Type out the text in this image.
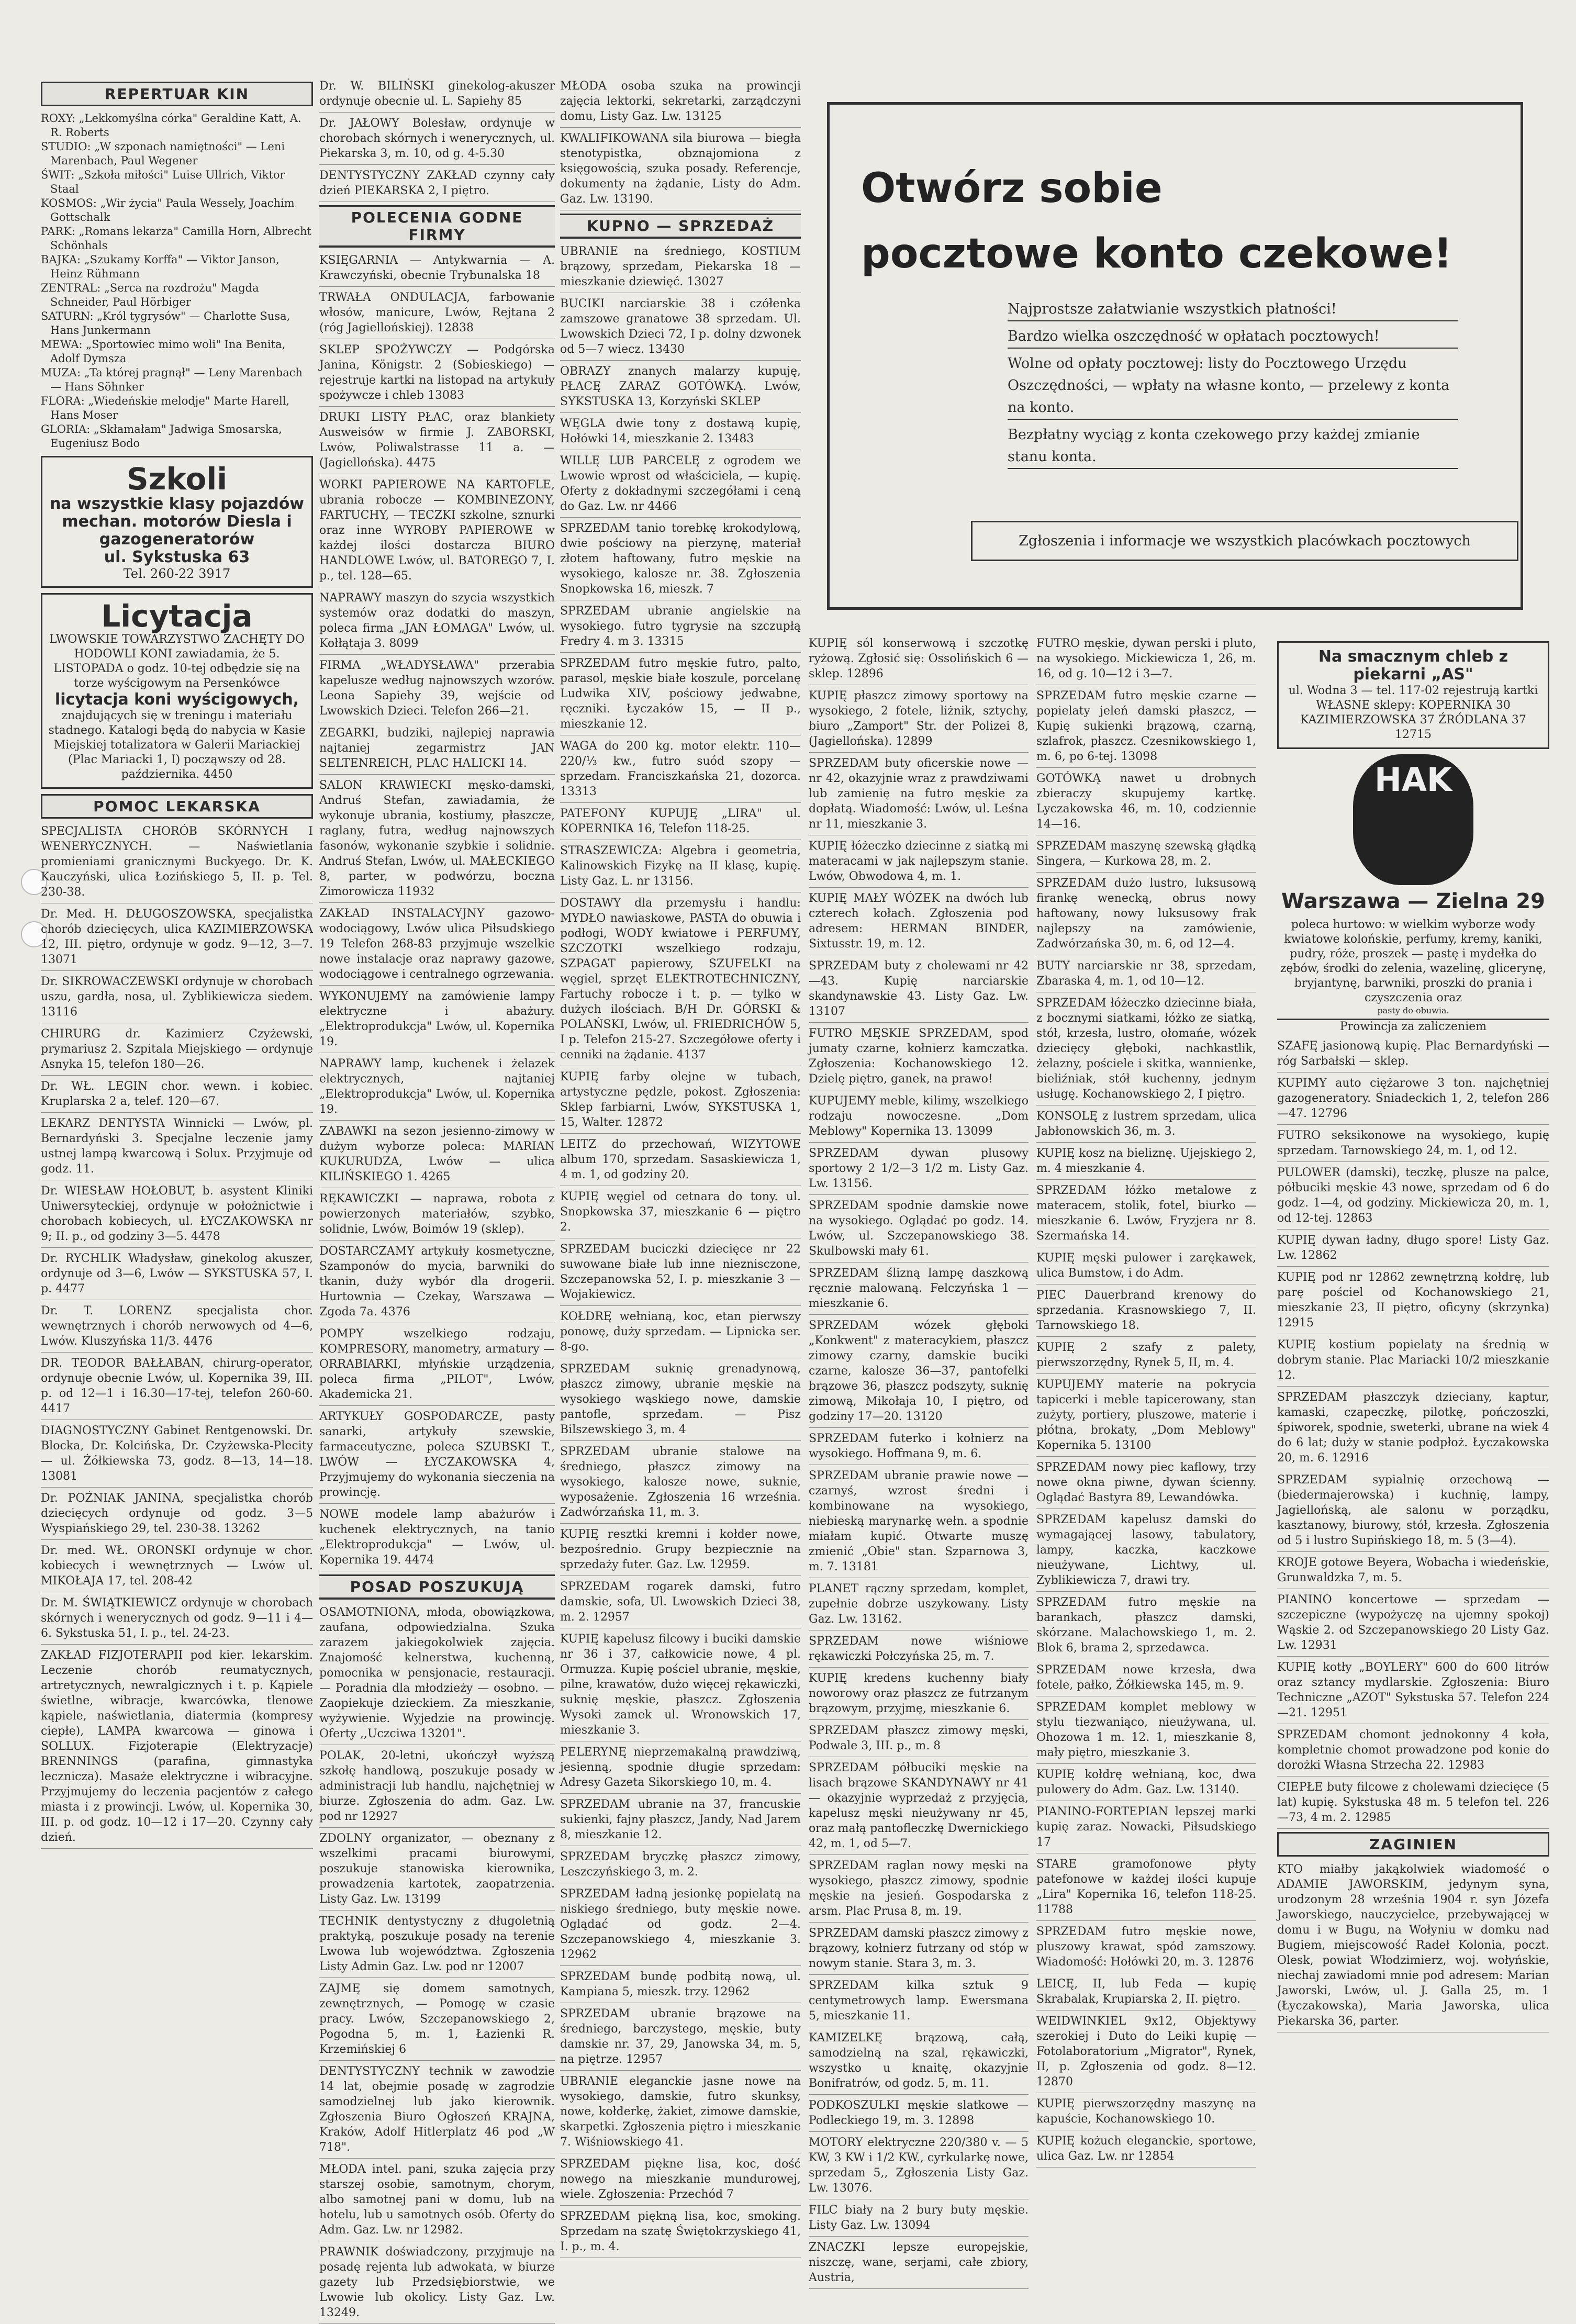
REPERTUAR KIN

ROXY: „Lekkomyślna córka" Geraldine Katt, A. R. Roberts

STUDIO: „W szponach namiętności" — Leni Marenbach, Paul Wegener

ŚWIT: „Szkoła miłości" Luise Ullrich, Viktor Staal

KOSMOS: „Wir życia" Paula Wessely, Joachim Gottschalk

PARK: „Romans lekarza" Camilla Horn, Albrecht Schönhals

BAJKA: „Szukamy Korffa" — Viktor Janson, Heinz Rühmann

ZENTRAL: „Serca na rozdrożu" Magda Schneider, Paul Hörbiger

SATURN: „Król tygrysów" — Charlotte Susa, Hans Junkermann

MEWA: „Sportowiec mimo woli" Ina Benita, Adolf Dymsza

MUZA: „Ta której pragnął" — Leny Marenbach — Hans Söhnker

FLORA: „Wiedeńskie melodje" Marte Harell, Hans Moser

GLORIA: „Skłamałam" Jadwiga Smosarska, Eugeniusz Bodo

Szkoli
na wszystkie klasy pojazdów mechan. motorów Diesla i gazogeneratorów
ul. Sykstuska 63
Tel. 260-22 3917
Licytacja
LWOWSKIE TOWARZYSTWO ZACHĘTY DO HODOWLI KONI zawiadamia, że 5. LISTOPADA o godz. 10-tej odbędzie się na torze wyścigowym na Persenkówce
licytacja koni wyścigowych,
znajdujących się w treningu i materiału stadnego. Katalogi będą do nabycia w Kasie Miejskiej totalizatora w Galerii Mariackiej (Plac Mariacki 1, I) począwszy od 28. października. 4450
POMOC LEKARSKA

SPECJALISTA CHORÓB SKÓRNYCH I WENERYCZNYCH. — Naświetlania promieniami granicznymi Buckyego. Dr. K. Kauczyński, ulica Łozińskiego 5, II. p. Tel. 230-38.

Dr. Med. H. DŁUGOSZOWSKA, specjalistka chorób dziecięcych, ulica KAZIMIERZOWSKA 12, III. piętro, ordynuje w godz. 9—12, 3—7. 13071

Dr. SIKROWACZEWSKI ordynuje w chorobach uszu, gardła, nosa, ul. Zyblikiewicza siedem. 13116

CHIRURG dr. Kazimierz Czyżewski, prymariusz 2. Szpitala Miejskiego — ordynuje Asnyka 15, telefon 180—26.

Dr. WŁ. LEGIN chor. wewn. i kobiec. Kruplarska 2 a, telef. 120—67.

LEKARZ DENTYSTA Winnicki — Lwów, pl. Bernardyński 3. Specjalne leczenie jamy ustnej lampą kwarcową i Solux. Przyjmuje od godz. 11.

Dr. WIESŁAW HOŁOBUT, b. asystent Kliniki Uniwersyteckiej, ordynuje w położnictwie i chorobach kobiecych, ul. ŁYCZAKOWSKA nr 9; II. p., od godziny 3—5. 4478

Dr. RYCHLIK Władysław, ginekolog akuszer, ordynuje od 3—6, Lwów — SYKSTUSKA 57, I. p. 4477

Dr. T. LORENZ specjalista chor. wewnętrznych i chorób nerwowych od 4—6, Lwów. Kluszyńska 11/3. 4476

DR. TEODOR BAŁŁABAN, chirurg-operator, ordynuje obecnie Lwów, ul. Kopernika 39, III. p. od 12—1 i 16.30—17-tej, telefon 260-60. 4417

DIAGNOSTYCZNY Gabinet Rentgenowski. Dr. Blocka, Dr. Kolcińska, Dr. Czyżewska-Plecity — ul. Żółkiewska 73, godz. 8—13, 14—18. 13081

Dr. POŹNIAK JANINA, specjalistka chorób dziecięcych ordynuje od godz. 3—5 Wyspiańskiego 29, tel. 230-38. 13262

Dr. med. WŁ. ORONSKI ordynuje w chor. kobiecych i wewnętrznych — Lwów ul. MIKOŁAJA 17, tel. 208-42

Dr. M. ŚWIĄTKIEWICZ ordynuje w chorobach skórnych i wenerycznych od godz. 9—11 i 4—6. Sykstuska 51, I. p., tel. 24-23.

ZAKŁAD FIZJOTERAPII pod kier. lekarskim. Leczenie chorób reumatycznych, artretycznych, newralgicznych i t. p. Kąpiele świetlne, wibracje, kwarcówka, tlenowe kąpiele, naświetlania, diatermia (kompresy ciepłe), LAMPA kwarcowa — ginowa i SOLLUX. Fizjoterapie (Elektryzacje) BRENNINGS (parafina, gimnastyka lecznicza). Masaże elektryczne i wibracyjne. Przyjmujemy do leczenia pacjentów z całego miasta i z prowincji. Lwów, ul. Kopernika 30, III. p. od godz. 10—12 i 17—20. Czynny cały dzień.

Dr. W. BILIŃSKI ginekolog-akuszer ordynuje obecnie ul. L. Sapiehy 85

Dr. JAŁOWY Bolesław, ordynuje w chorobach skórnych i wenerycznych, ul. Piekarska 3, m. 10, od g. 4-5.30

DENTYSTYCZNY ZAKŁAD czynny cały dzień PIEKARSKA 2, I piętro.

POLECENIA GODNE FIRMY

KSIĘGARNIA — Antykwarnia — A. Krawczyński, obecnie Trybunalska 18

TRWAŁA ONDULACJA, farbowanie włosów, manicure, Lwów, Rejtana 2 (róg Jagiellońskiej). 12838

SKLEP SPOŻYWCZY — Podgórska Janina, Königstr. 2 (Sobieskiego) — rejestruje kartki na listopad na artykuły spożywcze i chleb 13083

DRUKI LISTY PŁAC, oraz blankiety Ausweisów w firmie J. ZABORSKI, Lwów, Poliwalstrasse 11 a. — (Jagiellońska). 4475

WORKI PAPIEROWE NA KARTOFLE, ubrania robocze — KOMBINEZONY, FARTUCHY, — TECZKI szkolne, sznurki oraz inne WYROBY PAPIEROWE w każdej ilości dostarcza BIURO HANDLOWE Lwów, ul. BATOREGO 7, I. p., tel. 128—65.

NAPRAWY maszyn do szycia wszystkich systemów oraz dodatki do maszyn, poleca firma „JAN ŁOMAGA" Lwów, ul. Kołłątaja 3. 8099

FIRMA „WŁADYSŁAWA" przerabia kapelusze według najnowszych wzorów. Leona Sapiehy 39, wejście od Lwowskich Dzieci. Telefon 266—21.

ZEGARKI, budziki, najlepiej naprawia najtaniej zegarmistrz JAN SELTENREICH, PLAC HALICKI 14.

SALON KRAWIECKI męsko-damski, Andruś Stefan, zawiadamia, że wykonuje ubrania, kostiumy, płaszcze, raglany, futra, według najnowszych fasonów, wykonanie szybkie i solidnie. Andruś Stefan, Lwów, ul. MAŁECKIEGO 8, parter, w podwórzu, boczna Zimorowicza 11932

ZAKŁAD INSTALACYJNY gazowo-wodociągowy, Lwów ulica Piłsudskiego 19 Telefon 268-83 przyjmuje wszelkie nowe instalacje oraz naprawy gazowe, wodociągowe i centralnego ogrzewania.

WYKONUJEMY na zamówienie lampy elektryczne i abażury. „Elektroprodukcja" Lwów, ul. Kopernika 19.

NAPRAWY lamp, kuchenek i żelazek elektrycznych, najtaniej „Elektroprodukcja" Lwów, ul. Kopernika 19.

ZABAWKI na sezon jesienno-zimowy w dużym wyborze poleca: MARIAN KUKURUDZA, Lwów — ulica KILIŃSKIEGO 1. 4265

RĘKAWICZKI — naprawa, robota z powierzonych materiałów, szybko, solidnie, Lwów, Boimów 19 (sklep).

DOSTARCZAMY artykuły kosmetyczne, Szamponów do mycia, barwniki do tkanin, duży wybór dla drogerii. Hurtownia — Czekay, Warszawa — Zgoda 7a. 4376

POMPY wszelkiego rodzaju, KOMPRESORY, manometry, armatury — ORRABIARKI, młyńskie urządzenia, poleca firma „PILOT", Lwów, Akademicka 21.

ARTYKUŁY GOSPODARCZE, pasty sanarki, artykuły szewskie, farmaceutyczne, poleca SZUBSKI T., LWÓW — ŁYCZAKOWSKA 4, Przyjmujemy do wykonania sieczenia na prowincję.

NOWE modele lamp abażurów i kuchenek elektrycznych, na tanio „Elektroprodukcja" — Lwów, ul. Kopernika 19. 4474

POSAD POSZUKUJĄ

OSAMOTNIONA, młoda, obowiązkowa, zaufana, odpowiedzialna. Szuka zarazem jakiegokolwiek zajęcia. Znajomość kelnerstwa, kuchenną, pomocnika w pensjonacie, restauracji. — Poradnia dla młodzieży — osobno. — Zaopiekuje dzieckiem. Za mieszkanie, wyżywienie. Wyjedzie na prowincję. Oferty ,,Uczciwa 13201".

POLAK, 20-letni, ukończył wyższą szkołę handlową, poszukuje posady w administracji lub handlu, najchętniej w biurze. Zgłoszenia do adm. Gaz. Lw. pod nr 12927

ZDOLNY organizator, — obeznany z wszelkimi pracami biurowymi, poszukuje stanowiska kierownika, prowadzenia kartotek, zaopatrzenia. Listy Gaz. Lw. 13199

TECHNIK dentystyczny z długoletnią praktyką, poszukuje posady na terenie Lwowa lub województwa. Zgłoszenia Listy Admin Gaz. Lw. pod nr 12007

ZAJMĘ się domem samotnych, zewnętrznych, — Pomogę w czasie pracy. Lwów, Szczepanowskiego 2, Pogodna 5, m. 1, Łazienki R. Krzemińskiej 6

DENTYSTYCZNY technik w zawodzie 14 lat, obejmie posadę w zagrodzie samodzielnej lub jako kierownik. Zgłoszenia Biuro Ogłoszeń KRAJNA, Kraków, Adolf Hitlerplatz 46 pod „W 718".

MŁODA intel. pani, szuka zajęcia przy starszej osobie, samotnym, chorym, albo samotnej pani w domu, lub na hotelu, lub u samotnych osób. Oferty do Adm. Gaz. Lw. nr 12982.

PRAWNIK doświadczony, przyjmuje na posadę rejenta lub adwokata, w biurze gazety lub Przedsiębiorstwie, we Lwowie lub okolicy. Listy Gaz. Lw. 13249.

MŁODA osoba szuka na prowincji zajęcia lektorki, sekretarki, zarządczyni domu, Listy Gaz. Lw. 13125

KWALIFIKOWANA sila biurowa — biegła stenotypistka, obznajomiona z księgowością, szuka posady. Referencje, dokumenty na żądanie, Listy do Adm. Gaz. Lw. 13190.

KUPNO — SPRZEDAŻ

UBRANIE na średniego, KOSTIUM brązowy, sprzedam, Piekarska 18 — mieszkanie dziewięć. 13027

BUCIKI narciarskie 38 i czółenka zamszowe granatowe 38 sprzedam. Ul. Lwowskich Dzieci 72, I p. dolny dzwonek od 5—7 wiecz. 13430

OBRAZY znanych malarzy kupuję, PŁACĘ ZARAZ GOTÓWKĄ. Lwów, SYKSTUSKA 13, Korzyński SKLEP

WĘGLA dwie tony z dostawą kupię, Hołówki 14, mieszkanie 2. 13483

WILLĘ LUB PARCELĘ z ogrodem we Lwowie wprost od właściciela, — kupię. Oferty z dokładnymi szczegółami i ceną do Gaz. Lw. nr 4466

SPRZEDAM tanio torebkę krokodylową, dwie pościowy na pierzynę, materiał złotem haftowany, futro męskie na wysokiego, kalosze nr. 38. Zgłoszenia Snopkowska 16, mieszk. 7

SPRZEDAM ubranie angielskie na wysokiego. futro tygrysie na szczupłą Fredry 4. m 3. 13315

SPRZEDAM futro męskie futro, palto, parasol, męskie białe koszule, porcelanę Ludwika XIV, pościowy jedwabne, ręczniki. Łyczaków 15, — II p., mieszkanie 12.

WAGA do 200 kg. motor elektr. 110—220/⅓ kw., futro suód szopy — sprzedam. Franciszkańska 21, dozorca. 13313

PATEFONY KUPUJĘ „LIRA" ul. KOPERNIKA 16, Telefon 118-25.

STRASZEWICZA: Algebra i geometria, Kalinowskich Fizykę na II klasę, kupię. Listy Gaz. L. nr 13156.

DOSTAWY dla przemysłu i handlu: MYDŁO nawiaskowe, PASTA do obuwia i podłogi, WODY kwiatowe i PERFUMY, SZCZOTKI wszelkiego rodzaju, SZPAGAT papierowy, SZUFELKI na węgiel, sprzęt ELEKTROTECHNICZNY, Fartuchy robocze i t. p. — tylko w dużych ilościach. B/H Dr. GÓRSKI & POLAŃSKI, Lwów, ul. FRIEDRICHÓW 5, I p. Telefon 215-27. Szczegółowe oferty i cenniki na żądanie. 4137

KUPIĘ farby olejne w tubach, artystyczne pędzle, pokost. Zgłoszenia: Sklep farbiarni, Lwów, SYKSTUSKA 1, 15, Walter. 12872

LEITZ do przechowań, WIZYTOWE album 170, sprzedam. Sasaskiewicza 1, 4 m. 1, od godziny 20.

KUPIĘ węgiel od cetnara do tony. ul. Snopkowska 37, mieszkanie 6 — piętro 2.

SPRZEDAM buciczki dziecięce nr 22 suwowane białe lub inne nieznisczone, Szczepanowska 52, I. p. mieszkanie 3 — Wojakiewicz.

KOŁDRĘ wełnianą, koc, etan pierwszy ponowę, duży sprzedam. — Lipnicka ser. 8-go.

SPRZEDAM suknię grenadynową, płaszcz zimowy, ubranie męskie na wysokiego wąskiego nowe, damskie pantofle, sprzedam. — Pisz Bilszewskiego 3, m. 4

SPRZEDAM ubranie stalowe na średniego, płaszcz zimowy na wysokiego, kalosze nowe, suknie, wyposażenie. Zgłoszenia 16 września. Zadwórzańska 11, m. 3.

KUPIĘ resztki kremni i kołder nowe, bezpośrednio. Grupy bezpiecznie na sprzedaży futer. Gaz. Lw. 12959.

SPRZEDAM rogarek damski, futro damskie, sofa, Ul. Lwowskich Dzieci 38, m. 2. 12957

KUPIĘ kapelusz filcowy i buciki damskie nr 36 i 37, całkowicie nowe, 4 pl. Ormuzza. Kupię pościel ubranie, męskie, pilne, krawatów, dużo więcej rękawiczki, suknię męskie, płaszcz. Zgłoszenia Wysoki zamek ul. Wronowskich 17, mieszkanie 3.

PELERYNĘ nieprzemakalną prawdziwą, jesienną, spodnie długie sprzedam: Adresy Gazeta Sikorskiego 10, m. 4.

SPRZEDAM ubranie na 37, francuskie sukienki, fajny płaszcz, Jandy, Nad Jarem 8, mieszkanie 12.

SPRZEDAM bryczkę płaszcz zimowy, Leszczyńskiego 3, m. 2.

SPRZEDAM ładną jesionkę popielatą na niskiego średniego, buty męskie nowe. Oglądać od godz. 2—4. Szczepanowskiego 4, mieszkanie 3. 12962

SPRZEDAM bundę podbitą nową, ul. Kampiana 5, mieszk. trzy. 12962

SPRZEDAM ubranie brązowe na średniego, barczystego, męskie, buty damskie nr. 37, 29, Janowska 34, m. 5, na piętrze. 12957

UBRANIE eleganckie jasne nowe na wysokiego, damskie, futro skunksy, nowe, kołderkę, żakiet, zimowe damskie, skarpetki. Zgłoszenia piętro i mieszkanie 7. Wiśniowskiego 41.

SPRZEDAM piękne lisa, koc, dość nowego na mieszkanie mundurowej, wiele. Zgłoszenia: Przechód 7

SPRZEDAM piękną lisa, koc, smoking. Sprzedam na szatę Świętokrzyskiego 41, I. p., m. 4.

Otwórz sobie
pocztowe konto czekowe!

Najprostsze załatwianie wszystkich płatności!

Bardzo wielka oszczędność w opłatach pocztowych!

Wolne od opłaty pocztowej: listy do Pocztowego Urzędu Oszczędności, — wpłaty na własne konto, — przelewy z konta na konto.

Bezpłatny wyciąg z konta czekowego przy każdej zmianie stanu konta.

Zgłoszenia i informacje we wszystkich placówkach pocztowych

KUPIĘ sól konserwową i szczotkę ryżową. Zgłosić się: Ossolińskich 6 — sklep. 12896

KUPIĘ płaszcz zimowy sportowy na wysokiego, 2 fotele, liżnik, sztychy, biuro „Zamport" Str. der Polizei 8, (Jagiellońska). 12899

SPRZEDAM buty oficerskie nowe — nr 42, okazyjnie wraz z prawdziwami lub zamienię na futro męskie za dopłatą. Wiadomość: Lwów, ul. Leśna nr 11, mieszkanie 3.

KUPIĘ łóżeczko dziecinne z siatką mi materacami w jak najlepszym stanie. Lwów, Obwodowa 4, m. 1.

KUPIĘ MAŁY WÓZEK na dwóch lub czterech kołach. Zgłoszenia pod adresem: HERMAN BINDER, Sixtusstr. 19, m. 12.

SPRZEDAM buty z cholewami nr 42—43. Kupię narciarskie skandynawskie 43. Listy Gaz. Lw. 13107

FUTRO MĘSKIE SPRZEDAM, spod jumaty czarne, kołnierz kamczatka. Zgłoszenia: Kochanowskiego 12. Dzielę piętro, ganek, na prawo!

KUPUJEMY meble, kilimy, wszelkiego rodzaju nowoczesne. „Dom Meblowy" Kopernika 13. 13099

SPRZEDAM dywan plusowy sportowy 2 1/2—3 1/2 m. Listy Gaz. Lw. 13156.

SPRZEDAM spodnie damskie nowe na wysokiego. Oglądać po godz. 14. Lwów, ul. Szczepanowskiego 38. Skulbowski mały 61.

SPRZEDAM ślizną lampę daszkową ręcznie malowaną. Felczyńska 1 — mieszkanie 6.

SPRZEDAM wózek głęboki „Konkwent" z materacykiem, płaszcz zimowy czarny, damskie buciki czarne, kalosze 36—37, pantofelki brązowe 36, płaszcz podszyty, suknię zimową, Mikołaja 10, I piętro, od godziny 17—20. 13120

SPRZEDAM futerko i kołnierz na wysokiego. Hoffmana 9, m. 6.

SPRZEDAM ubranie prawie nowe — czarnyś, wzrost średni i kombinowane na wysokiego, niebieską marynarkę wełn. a spodnie miałam kupić. Otwarte muszę zmienić „Obie" stan. Szparnowa 3, m. 7. 13181

PLANET rączny sprzedam, komplet, zupełnie dobrze uszykowany. Listy Gaz. Lw. 13162.

SPRZEDAM nowe wiśniowe rękawiczki Połczyńska 25, m. 7.

KUPIĘ kredens kuchenny biały noworowy oraz płaszcz ze futrzanym brązowym, przyjmę, mieszkanie 6.

SPRZEDAM płaszcz zimowy męski, Podwale 3, III. p., m. 8

SPRZEDAM półbuciki męskie na lisach brązowe SKANDYNAWY nr 41 — okazyjnie wyprzedaż z przyjęcia, kapelusz męski nieużywany nr 45, oraz małą pantofleczkę Dwernickiego 42, m. 1, od 5—7.

SPRZEDAM raglan nowy męski na wysokiego, płaszcz zimowy, spodnie męskie na jesień. Gospodarska z arsm. Plac Prusa 8, m. 19.

SPRZEDAM damski płaszcz zimowy z brązowy, kołnierz futrzany od stóp w nowym stanie. Stara 3, m. 3.

SPRZEDAM kilka sztuk 9 centymetrowych lamp. Ewersmana 5, mieszkanie 11.

KAMIZELKĘ brązową, całą, samodzielną na szal, rękawiczki, wszystko u knaitę, okazyjnie Bonifratrów, od godz. 5, m. 11.

PODKOSZULKI męskie slatkowe — Podleckiego 19, m. 3. 12898

MOTORY elektryczne 220/380 v. — 5 KW, 3 KW i 1/2 KW., cyrkularkę nowe, sprzedam 5,, Zgłoszenia Listy Gaz. Lw. 13076.

FILC biały na 2 bury buty męskie. Listy Gaz. Lw. 13094

ZNACZKI lepsze europejskie, niszczę, wane, serjami, całe zbiory, Austria,

FUTRO męskie, dywan perski i pluto, na wysokiego. Mickiewicza 1, 26, m. 16, od g. 10—12 i 3—7.

SPRZEDAM futro męskie czarne — popielaty jeleń damski płaszcz, — Kupię sukienki brązową, czarną, szlafrok, płaszcz. Czesnikowskiego 1, m. 6, po 6-tej. 13098

GOTÓWKĄ nawet u drobnych zbieraczy skupujemy kartkę. Lyczakowska 46, m. 10, codziennie 14—16.

SPRZEDAM maszynę szewską głądką Singera, — Kurkowa 28, m. 2.

SPRZEDAM dużo lustro, luksusową firankę wenecką, obrus nowy haftowany, nowy luksusowy frak najlepszy na zamówienie, Zadwórzańska 30, m. 6, od 12—4.

BUTY narciarskie nr 38, sprzedam, Zbaraska 4, m. 1, od 10—12.

SPRZEDAM łóżeczko dziecinne biała, z bocznymi siatkami, łóżko ze siatką, stół, krzesła, lustro, ołomańe, wózek dziecięcy głęboki, nachkastlik, żelazny, pościele i skitka, wannienke, bieliźniak, stół kuchenny, jednym usługę. Kochanowskiego 2, I piętro.

KONSOLĘ z lustrem sprzedam, ulica Jabłonowskich 36, m. 3.

KUPIĘ kosz na bieliznę. Ujejskiego 2, m. 4 mieszkanie 4.

SPRZEDAM łóżko metalowe z materacem, stolik, fotel, biurko — mieszkanie 6. Lwów, Fryzjera nr 8. Szermańska 14.

KUPIĘ męski pulower i zarękawek, ulica Bumstow, i do Adm.

PIEC Dauerbrand krenowy do sprzedania. Krasnowskiego 7, II. Tarnowskiego 18.

KUPIĘ 2 szafy z palety, pierwszorzędny, Rynek 5, II, m. 4.

KUPUJEMY materie na pokrycia tapicerki i meble tapicerowany, stan zużyty, portiery, pluszowe, materie i płótna, brokaty, „Dom Meblowy" Kopernika 5. 13100

SPRZEDAM nowy piec kaflowy, trzy nowe okna piwne, dywan ścienny. Oglądać Bastyra 89, Lewandówka.

SPRZEDAM kapelusz damski do wymagającej lasowy, tabulatory, lampy, kaczka, kaczkowe nieużywane, Lichtwy, ul. Zyblikiewicza 7, drawi try.

SPRZEDAM futro męskie na barankach, płaszcz damski, skórzane. Malachowskiego 1, m. 2. Blok 6, brama 2, sprzedawca.

SPRZEDAM nowe krzesła, dwa fotele, pałko, Żółkiewska 145, m. 9.

SPRZEDAM komplet meblowy w stylu tiezwaniąco, nieużywana, ul. Ohozowa 1 m. 12. 1, mieszkanie 8, mały piętro, mieszkanie 3.

KUPIĘ kołdrę wełnianą, koc, dwa pulowery do Adm. Gaz. Lw. 13140.

PIANINO-FORTEPIAN lepszej marki kupię zaraz. Nowacki, Piłsudskiego 17

STARE gramofonowe płyty patefonowe w każdej ilości kupuje „Lira" Kopernika 16, telefon 118-25. 11788

SPRZEDAM futro męskie nowe, pluszowy krawat, spód zamszowy. Wiadomość: Hołówki 20, m. 3. 12876

LEICĘ, II, lub Feda — kupię Skrabalak, Krupiarska 2, II. piętro.

WEIDWINKIEL 9x12, Objektywy szerokiej i Duto do Leiki kupię — Fotolaboratorium „Migrator", Rynek, II, p. Zgłoszenia od godz. 8—12. 12870

KUPIĘ pierwszorzędny maszynę na kapuście, Kochanowskiego 10.

KUPIĘ kożuch eleganckie, sportowe, ulica Gaz. Lw. nr 12854

Na smacznym chleb z piekarni „AS"
ul. Wodna 3 — tel. 117-02 rejestrują kartki WŁASNE sklepy: KOPERNIKA 30 KAZIMIERZOWSKA 37 ŹRÓDLANA 37 12715
HAK
Warszawa — Zielna 29
poleca hurtowo: w wielkim wyborze wody kwiatowe kolońskie, perfumy, kremy, kaniki, pudry, róże, proszek — pastę i mydełka do zębów, środki do zelenia, wazelinę, glicerynę, bryjantynę, barwniki, proszki do prania i czyszczenia oraz
pasty do obuwia.
Prowincja za zaliczeniem

SZAFĘ jasionową kupię. Plac Bernardyński — róg Sarbałski — sklep.

KUPIMY auto ciężarowe 3 ton. najchętniej gazogeneratory. Śniadeckich 1, 2, telefon 286—47. 12796

FUTRO seksikonowe na wysokiego, kupię sprzedam. Tarnowskiego 24, m. 1, od 12.

PULOWER (damski), teczkę, plusze na palce, półbuciki męskie 43 nowe, sprzedam od 6 do godz. 1—4, od godziny. Mickiewicza 20, m. 1, od 12-tej. 12863

KUPIĘ dywan ładny, długo spore! Listy Gaz. Lw. 12862

KUPIĘ pod nr 12862 zewnętrzną kołdrę, lub parę pościel od Kochanowskiego 21, mieszkanie 23, II piętro, oficyny (skrzynka) 12915

KUPIĘ kostium popielaty na średnią w dobrym stanie. Plac Mariacki 10/2 mieszkanie 12.

SPRZEDAM płaszczyk dzieciany, kaptur, kamaski, czapeczkę, pilotkę, pończoszki, śpiworek, spodnie, sweterki, ubrane na wiek 4 do 6 lat; duży w stanie podpłoż. Łyczakowska 20, m. 6. 12916

SPRZEDAM sypialnię orzechową — (biedermajerowska) i kuchnię, lampy, Jagiellońską, ale salonu w porządku, kasztanowy, biurowy, stół, krzesła. Zgłoszenia od 5 i lustro Supińskiego 18, m. 5 (3—4).

KROJE gotowe Beyera, Wobacha i wiedeńskie, Grunwaldzka 7, m. 5.

PIANINO koncertowe — sprzedam — szczepiczne (wypożyczę na ujemny spokoj) Wąskie 2. od Szczepanowskiego 20 Listy Gaz. Lw. 12931

KUPIĘ kotły „BOYLERY" 600 do 600 litrów oraz sztancy mydlarskie. Zgłoszenia: Biuro Techniczne „AZOT" Sykstuska 57. Telefon 224—21. 12951

SPRZEDAM chomont jednokonny 4 koła, kompletnie chomot prowadzone pod konie do dorożki Własna Strzecha 22. 12983

CIEPŁE buty filcowe z cholewami dziecięce (5 lat) kupię. Sykstuska 48 m. 5 telefon tel. 226—73, 4 m. 2. 12985

ZAGINIEN

KTO miałby jakąkolwiek wiadomość o ADAMIE JAWORSKIM, jedynym syna, urodzonym 28 września 1904 r. syn Józefa Jaworskiego, nauczycielce, przebywającej w domu i w Bugu, na Wołyniu w domku nad Bugiem, miejscowość Radeł Kolonia, poczt. Olesk, powiat Włodzimierz, woj. wołyńskie, niechaj zawiadomi mnie pod adresem: Marian Jaworski, Lwów, ul. J. Galla 25, m. 1 (Łyczakowska), Maria Jaworska, ulica Piekarska 36, parter.
